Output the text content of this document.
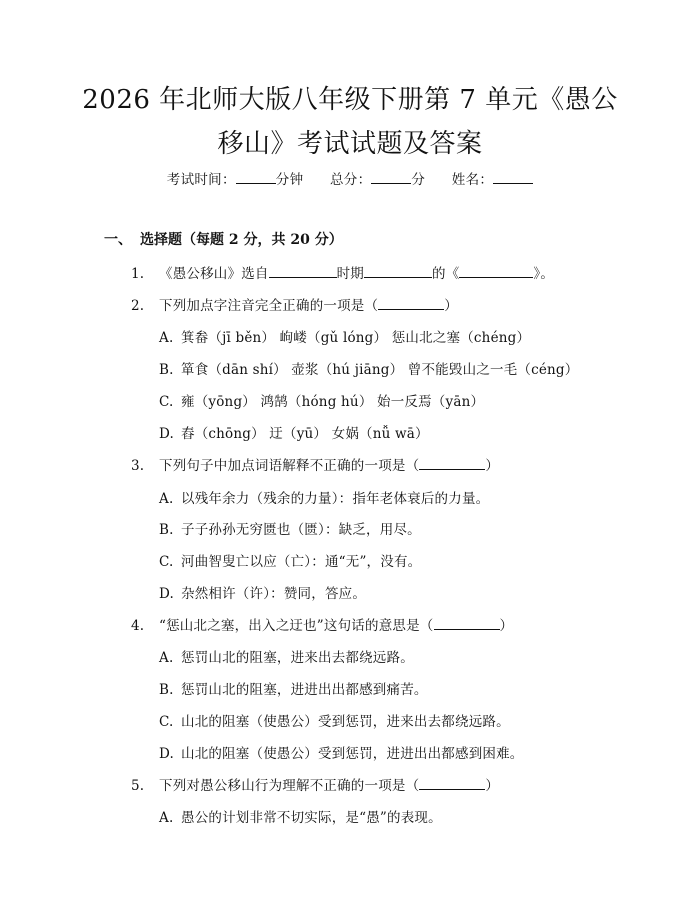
2026 年北师大版八年级下册第 7 单元《愚公
移山》考试试题及答案
考试时间：	分钟 总分：	分 姓名：
一、 选择题（每题 2 分，共 20 分）
1. 《愚公移山》选自	时期	的《	》。
2. 下列加点字注音完全正确的一项是（	）
A. 箕畚（jī běn） 岣嵝（gǔ lóng） 惩山北之塞（chéng）
B. 箪食（dān shí） 壶浆（hú jiāng） 曾不能毁山之一毛（céng）
C. 雍（yōng） 鸿鹄（hóng hú） 始一反焉（yān）
D. 舂（chōng） 迂（yū） 女娲（nǚ wā）
3. 下列句子中加点词语解释不正确的一项是（	）
A. 以残年余力（残余的力量）：指年老体衰后的力量。
B. 子子孙孙无穷匮也（匮）：缺乏，用尽。
C. 河曲智叟亡以应（亡）：通“无”，没有。
D. 杂然相许（许）：赞同，答应。
4. “惩山北之塞，出入之迂也”这句话的意思是（	）
A. 惩罚山北的阻塞，进来出去都绕远路。
B. 惩罚山北的阻塞，进进出出都感到痛苦。
C. 山北的阻塞（使愚公）受到惩罚，进来出去都绕远路。
D. 山北的阻塞（使愚公）受到惩罚，进进出出都感到困难。
5. 下列对愚公移山行为理解不正确的一项是（	）
A. 愚公的计划非常不切实际，是“愚”的表现。
